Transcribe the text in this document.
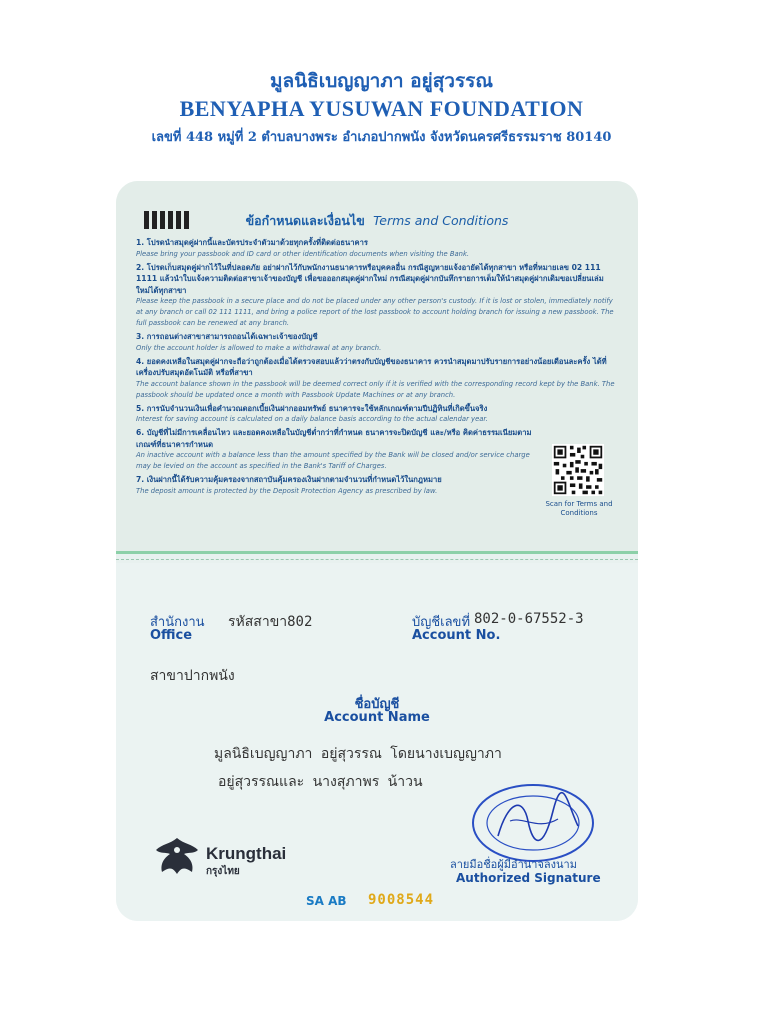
มูลนิธิเบญญาภา อยู่สุวรรณ
BENYAPHA YUSUWAN FOUNDATION
เลขที่ 448 หมู่ที่ 2 ตำบลบางพระ อำเภอปากพนัง จังหวัดนครศรีธรรมราช 80140
ข้อกำหนดและเงื่อนไข Terms and Conditions
1. โปรดนำสมุดคู่ฝากนี้และบัตรประจำตัวมาด้วยทุกครั้งที่ติดต่อธนาคาร
Please bring your passbook and ID card or other identification documents when visiting the Bank.
2. โปรดเก็บสมุดคู่ฝากไว้ในที่ปลอดภัย อย่าฝากไว้กับพนักงานธนาคารหรือบุคคลอื่น กรณีสูญหายแจ้งอายัดได้ทุกสาขา หรือที่หมายเลข 02 111 1111 แล้วนำใบแจ้งความติดต่อสาขาเจ้าของบัญชี เพื่อขอออกสมุดคู่ฝากใหม่ กรณีสมุดคู่ฝากบันทึกรายการเต็มให้นำสมุดคู่ฝากเดิมขอเปลี่ยนเล่มใหม่ได้ทุกสาขา
Please keep the passbook in a secure place and do not be placed under any other person's custody. If it is lost or stolen, immediately notify at any branch or call 02 111 1111, and bring a police report of the lost passbook to account holding branch for issuing a new passbook. The full passbook can be renewed at any branch.
3. การถอนต่างสาขาสามารถถอนได้เฉพาะเจ้าของบัญชี
Only the account holder is allowed to make a withdrawal at any branch.
4. ยอดคงเหลือในสมุดคู่ฝากจะถือว่าถูกต้องเมื่อได้ตรวจสอบแล้วว่าตรงกับบัญชีของธนาคาร ควรนำสมุดมาปรับรายการอย่างน้อยเดือนละครั้ง ได้ที่เครื่องปรับสมุดอัตโนมัติ หรือที่สาขา
The account balance shown in the passbook will be deemed correct only if it is verified with the corresponding record kept by the Bank. The passbook should be updated once a month with Passbook Update Machines or at any branch.
5. การนับจำนวนเงินเพื่อคำนวณดอกเบี้ยเงินฝากออมทรัพย์ ธนาคารจะใช้หลักเกณฑ์ตามปีปฏิทินที่เกิดขึ้นจริง
Interest for saving account is calculated on a daily balance basis according to the actual calendar year.
6. บัญชีที่ไม่มีการเคลื่อนไหว และยอดคงเหลือในบัญชีต่ำกว่าที่กำหนด ธนาคารจะปิดบัญชี และ/หรือ คิดค่าธรรมเนียมตามเกณฑ์ที่ธนาคารกำหนด
An inactive account with a balance less than the amount specified by the Bank will be closed and/or service charge may be levied on the account as specified in the Bank's Tariff of Charges.
7. เงินฝากนี้ได้รับความคุ้มครองจากสถาบันคุ้มครองเงินฝากตามจำนวนที่กำหนดไว้ในกฎหมาย
The deposit amount is protected by the Deposit Protection Agency as prescribed by law.
Scan for Terms and Conditions
สำนักงาน
Office
รหัสสาขา802	บัญชีเลขที่
Account No.
802-0-67552-3
สาขาปากพนัง
ชื่อบัญชี
Account Name
มูลนิธิเบญญาภา อยู่สุวรรณ โดยนางเบญญาภา
อยู่สุวรรณและ นางสุภาพร น้าวน
Krungthai
กรุงไทย
ลายมือชื่อผู้มีอำนาจลงนาม
Authorized Signature
SA AB 9008544
